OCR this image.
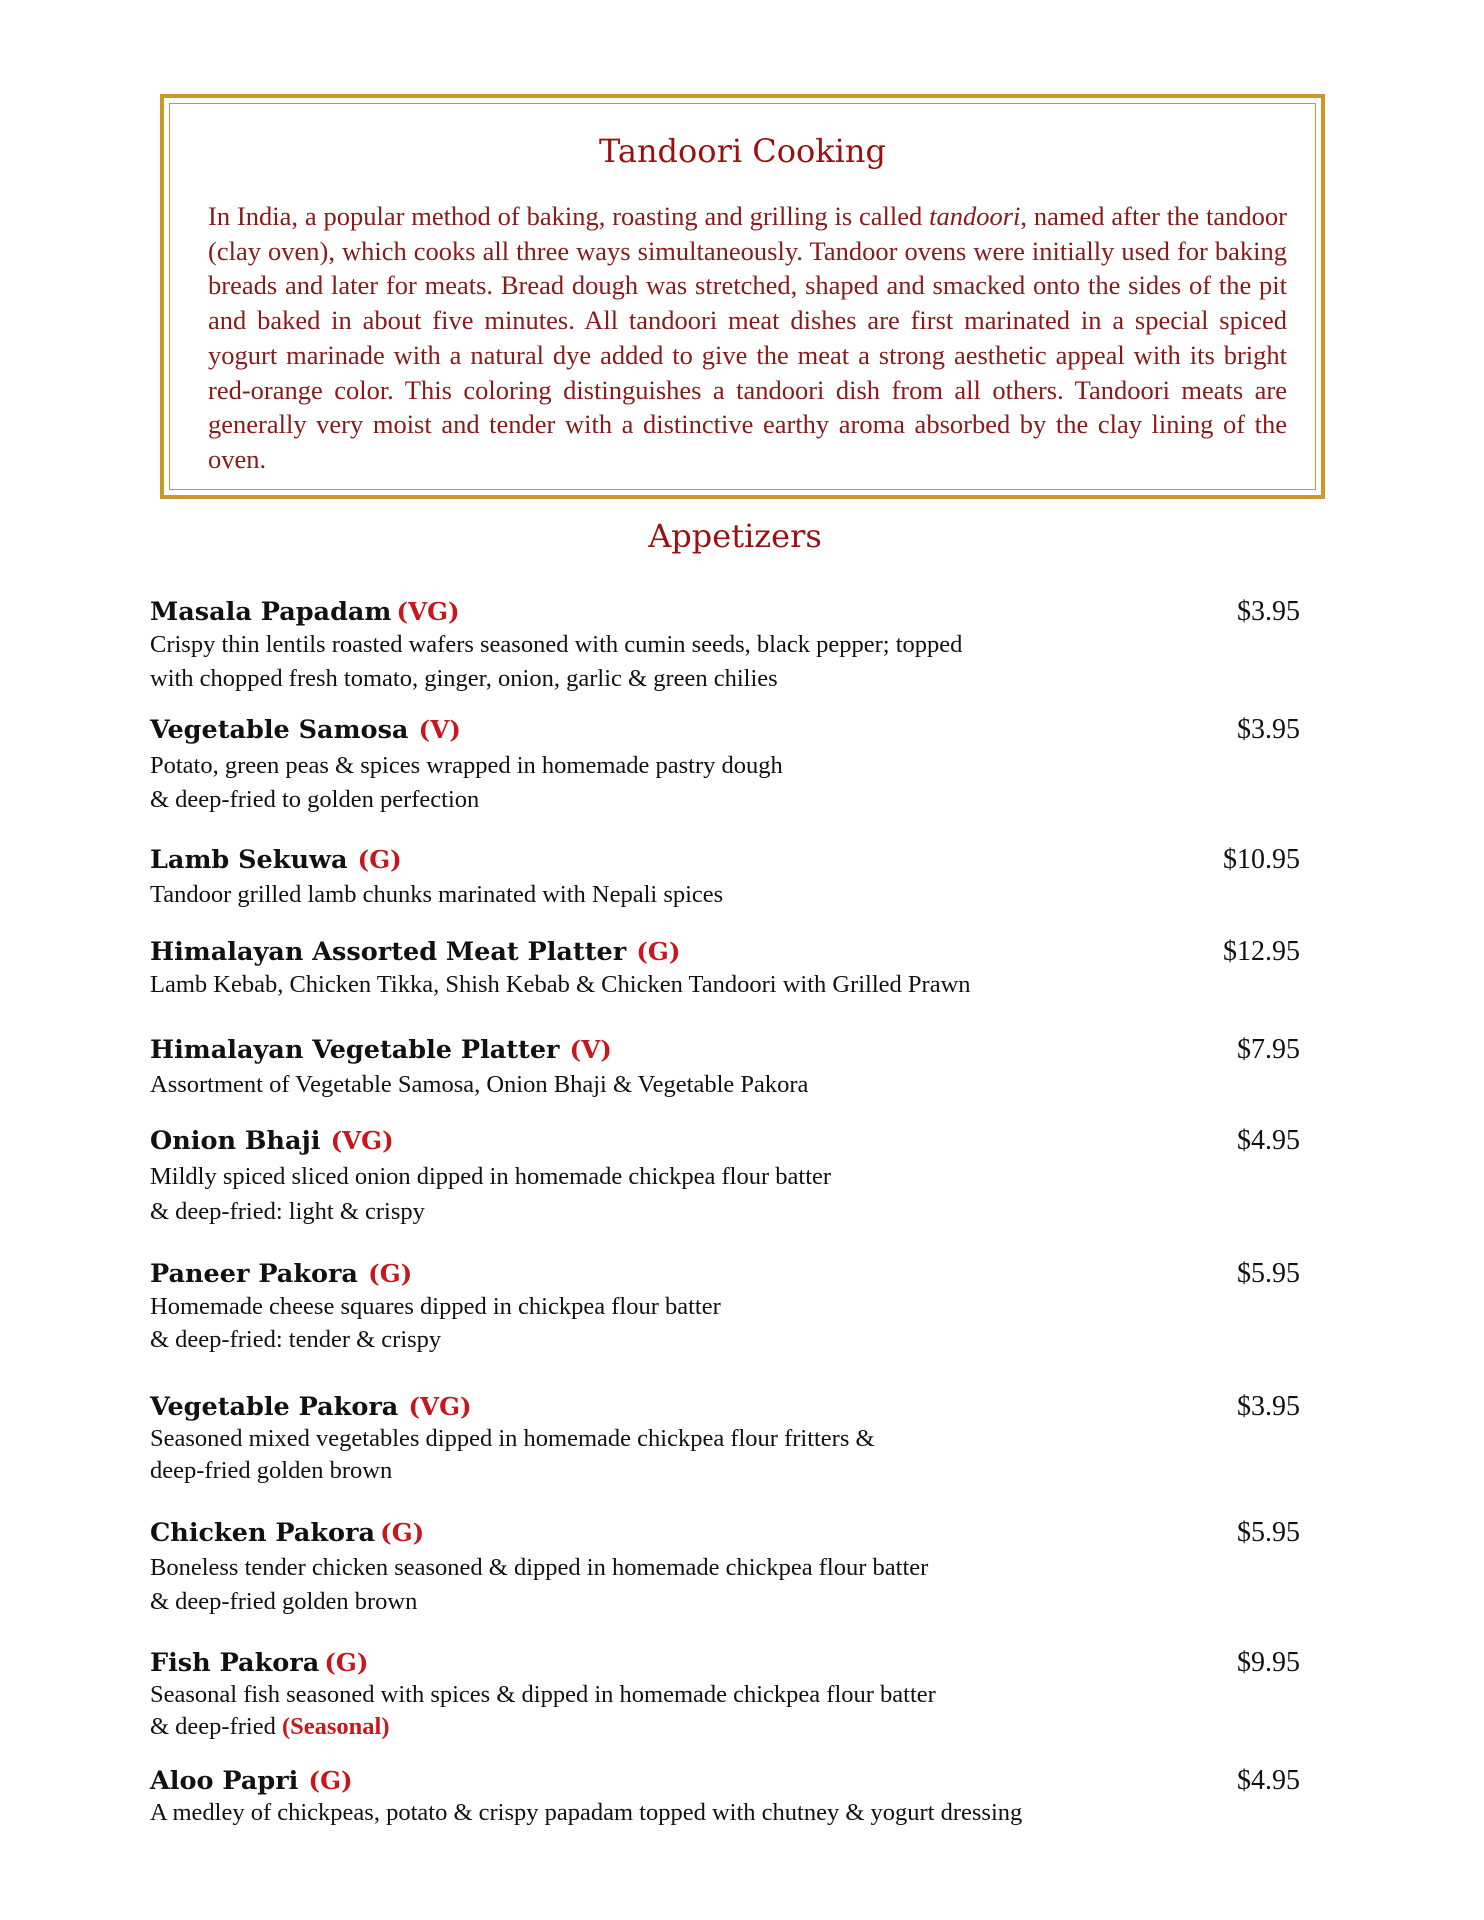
Tandoori Cooking

In India, a popular method of baking, roasting and grilling is called tandoori, named after the tandoor (clay oven), which cooks all three ways simultaneously. Tandoor ovens were initially used for baking breads and later for meats. Bread dough was stretched, shaped and smacked onto the sides of the pit and baked in about five minutes. All tandoori meat dishes are first marinated in a special spiced yogurt marinade with a natural dye added to give the meat a strong aesthetic appeal with its bright red-orange color. This coloring distinguishes a tandoori dish from all others. Tandoori meats are generally very moist and tender with a distinctive earthy aroma absorbed by the clay lining of the oven.

Appetizers
Masala Papadam (VG)	$3.95
Crispy thin lentils roasted wafers seasoned with cumin seeds, black pepper; topped
with chopped fresh tomato, ginger, onion, garlic & green chilies
Vegetable Samosa (V)	$3.95
Potato, green peas & spices wrapped in homemade pastry dough
& deep-fried to golden perfection
Lamb Sekuwa (G)	$10.95
Tandoor grilled lamb chunks marinated with Nepali spices
Himalayan Assorted Meat Platter (G)	$12.95
Lamb Kebab, Chicken Tikka, Shish Kebab & Chicken Tandoori with Grilled Prawn
Himalayan Vegetable Platter (V)	$7.95
Assortment of Vegetable Samosa, Onion Bhaji & Vegetable Pakora
Onion Bhaji (VG)	$4.95
Mildly spiced sliced onion dipped in homemade chickpea flour batter
& deep-fried: light & crispy
Paneer Pakora (G)	$5.95
Homemade cheese squares dipped in chickpea flour batter
& deep-fried: tender & crispy
Vegetable Pakora (VG)	$3.95
Seasoned mixed vegetables dipped in homemade chickpea flour fritters &
deep-fried golden brown
Chicken Pakora (G)	$5.95
Boneless tender chicken seasoned & dipped in homemade chickpea flour batter
& deep-fried golden brown
Fish Pakora (G)	$9.95
Seasonal fish seasoned with spices & dipped in homemade chickpea flour batter
& deep-fried (Seasonal)
Aloo Papri (G)	$4.95
A medley of chickpeas, potato & crispy papadam topped with chutney & yogurt dressing
